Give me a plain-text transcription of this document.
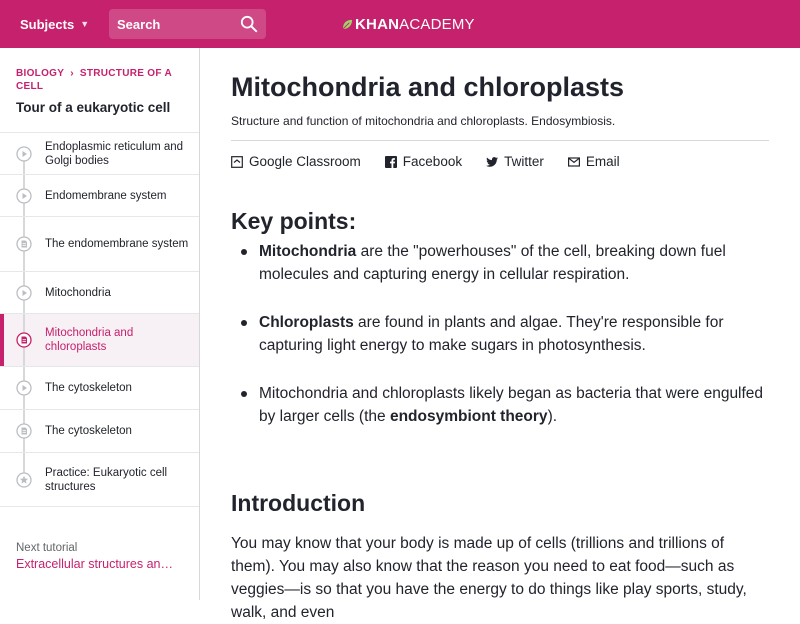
Subjects ▼
Search	KHAN ACADEMY
BIOLOGY › STRUCTURE OF A CELL
Tour of a eukaryotic cell
Endoplasmic reticulum and Golgi bodies
Endomembrane system
The endomembrane system
Mitochondria
Mitochondria and chloroplasts
The cytoskeleton
The cytoskeleton
Practice: Eukaryotic cell structures
Next tutorial
Extracellular structures an…
Mitochondria and chloroplasts
Structure and function of mitochondria and chloroplasts. Endosymbiosis.
Google Classroom	Facebook	Twitter	Email
Key points:
Mitochondria are the "powerhouses" of the cell, breaking down fuel molecules and capturing energy in cellular respiration.
Chloroplasts are found in plants and algae. They're responsible for capturing light energy to make sugars in photosynthesis.
Mitochondria and chloroplasts likely began as bacteria that were engulfed by larger cells (the endosymbiont theory).
Introduction

You may know that your body is made up of cells (trillions and trillions of them). You may also know that the reason you need to eat food—such as veggies—is so that you have the energy to do things like play sports, study, walk, and even
